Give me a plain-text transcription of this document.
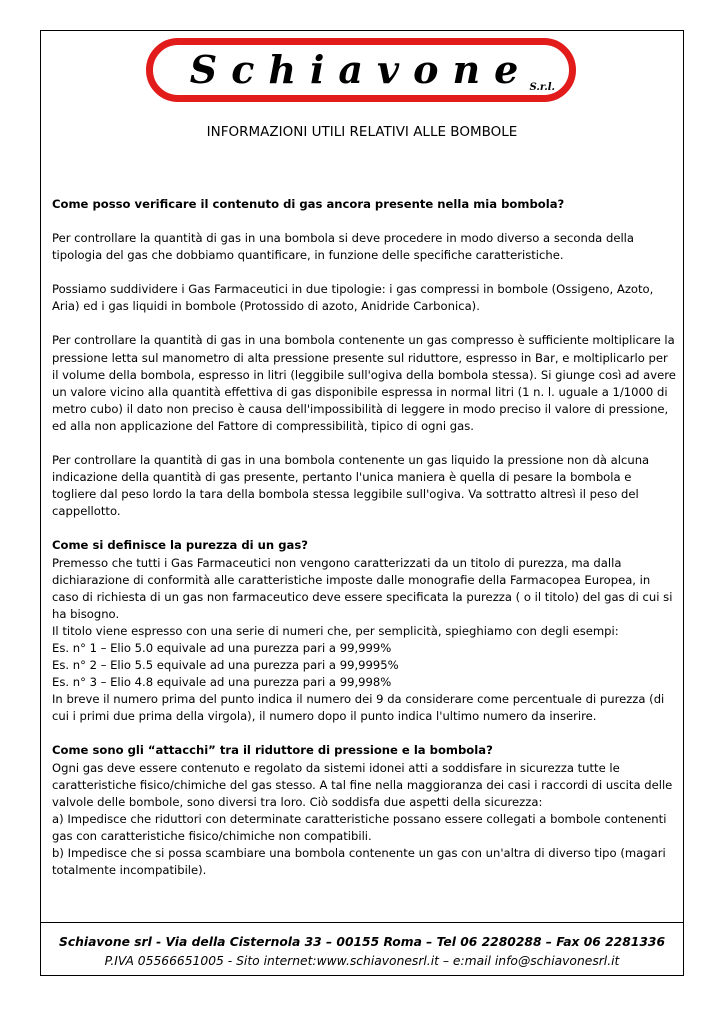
Schiavone
S.r.l.
INFORMAZIONI UTILI RELATIVI ALLE BOMBOLE

Come posso verificare il contenuto di gas ancora presente nella mia bombola?

Per controllare la quantità di gas in una bombola si deve procedere in modo diverso a seconda della tipologia del gas che dobbiamo quantificare, in funzione delle specifiche caratteristiche.

Possiamo suddividere i Gas Farmaceutici in due tipologie: i gas compressi in bombole (Ossigeno, Azoto, Aria) ed i gas liquidi in bombole (Protossido di azoto, Anidride Carbonica).

Per controllare la quantità di gas in una bombola contenente un gas compresso è sufficiente moltiplicare la pressione letta sul manometro di alta pressione presente sul riduttore, espresso in Bar, e moltiplicarlo per il volume della bombola, espresso in litri (leggibile sull'ogiva della bombola stessa). Si giunge così ad avere un valore vicino alla quantità effettiva di gas disponibile espressa in normal litri (1 n. l. uguale a 1/1000 di metro cubo) il dato non preciso è causa dell'impossibilità di leggere in modo preciso il valore di pressione, ed alla non applicazione del Fattore di compressibilità, tipico di ogni gas.

Per controllare la quantità di gas in una bombola contenente un gas liquido la pressione non dà alcuna indicazione della quantità di gas presente, pertanto l'unica maniera è quella di pesare la bombola e togliere dal peso lordo la tara della bombola stessa leggibile sull'ogiva. Va sottratto altresì il peso del cappellotto.

Come si definisce la purezza di un gas?

Premesso che tutti i Gas Farmaceutici non vengono caratterizzati da un titolo di purezza, ma dalla dichiarazione di conformità alle caratteristiche imposte dalle monografie della Farmacopea Europea, in caso di richiesta di un gas non farmaceutico deve essere specificata la purezza ( o il titolo) del gas di cui si ha bisogno.

Il titolo viene espresso con una serie di numeri che, per semplicità, spieghiamo con degli esempi:

Es. n° 1 – Elio 5.0 equivale ad una purezza pari a 99,999%

Es. n° 2 – Elio 5.5 equivale ad una purezza pari a 99,9995%

Es. n° 3 – Elio 4.8 equivale ad una purezza pari a 99,998%

In breve il numero prima del punto indica il numero dei 9 da considerare come percentuale di purezza (di cui i primi due prima della virgola), il numero dopo il punto indica l'ultimo numero da inserire.

Come sono gli “attacchi” tra il riduttore di pressione e la bombola?

Ogni gas deve essere contenuto e regolato da sistemi idonei atti a soddisfare in sicurezza tutte le caratteristiche fisico/chimiche del gas stesso. A tal fine nella maggioranza dei casi i raccordi di uscita delle valvole delle bombole, sono diversi tra loro. Ciò soddisfa due aspetti della sicurezza:

a) Impedisce che riduttori con determinate caratteristiche possano essere collegati a bombole contenenti gas con caratteristiche fisico/chimiche non compatibili.

b) Impedisce che si possa scambiare una bombola contenente un gas con un'altra di diverso tipo (magari totalmente incompatibile).

Schiavone srl - Via della Cisternola 33 – 00155 Roma – Tel 06 2280288 – Fax 06 2281336
P.IVA 05566651005 - Sito internet:www.schiavonesrl.it – e:mail info@schiavonesrl.it
